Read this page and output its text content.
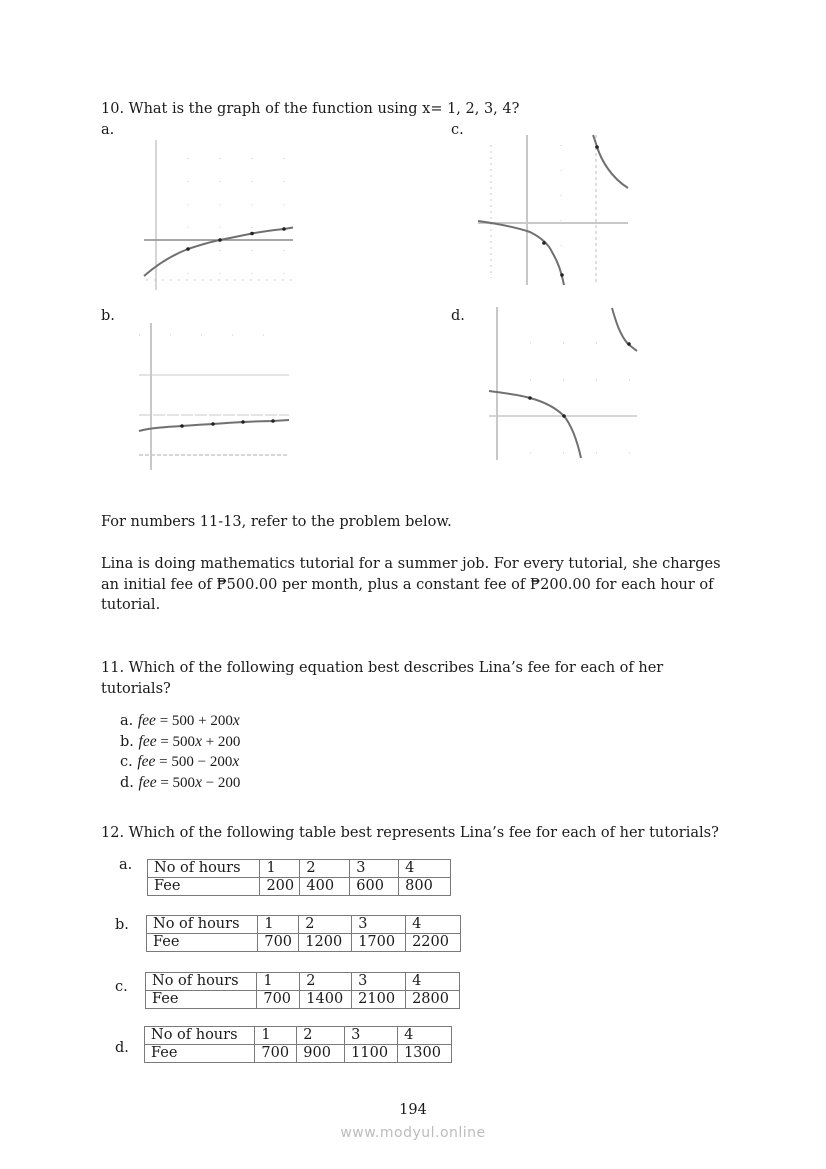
10. What is the graph of the function using x= 1, 2, 3, 4?
a.	c.
b.	d.
For numbers 11-13, refer to the problem below.
Lina is doing mathematics tutorial for a summer job. For every tutorial, she charges
an initial fee of ₱500.00 per month, plus a constant fee of ₱200.00 for each hour of
tutorial.
11. Which of the following equation best describes Lina’s fee for each of her
tutorials?
a. fee = 500 + 200x
b. fee = 500x + 200
c. fee = 500 − 200x
d. fee = 500x − 200
12. Which of the following table best represents Lina’s fee for each of her tutorials?
a. No of hours	1	2	3	4
Fee	200	400	600	800
b. No of hours	1	2	3	4
Fee	700	1200	1700	2200
c. No of hours	1	2	3	4
Fee	700	1400	2100	2800
d.
No of hours	1	2	3	4
Fee	700	900	1100	1300
194
www.modyul.online
